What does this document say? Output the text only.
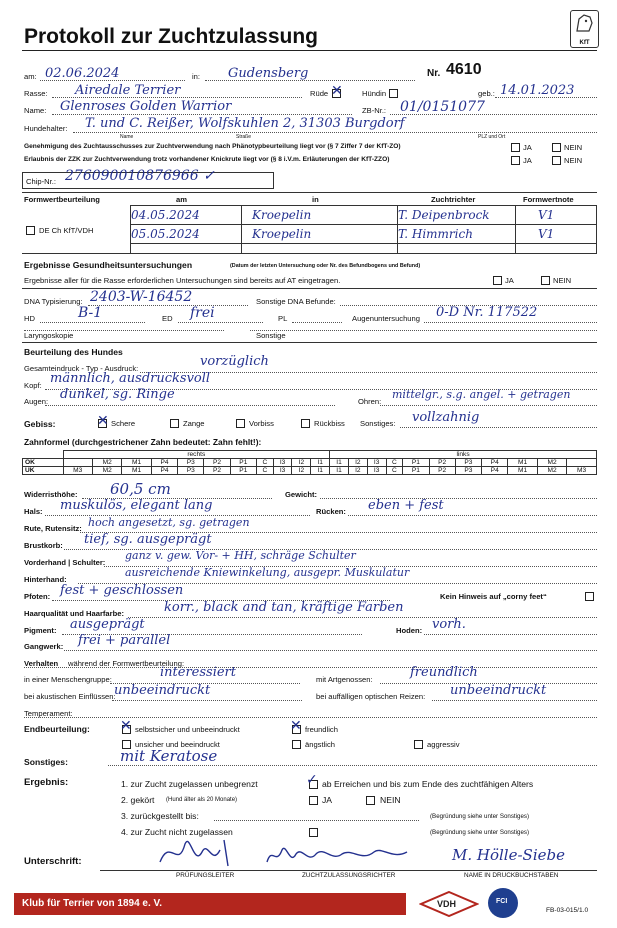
Protokoll zur Zuchtzulassung	KfT
Nr. 4610
am: 02.06.2024	in: Gudensberg
Rasse: Airedale Terrier	Rüde ✕	Hündin	geb.: 14.01.2023
Name: Glenroses Golden Warrior	ZB-Nr.: 01/0151077
Hundehalter: T. und C. Reißer, Wolfskuhlen 2, 31303 Burgdorf
Name	Straße	PLZ und Ort
Genehmigung des Zuchtausschusses zur Zuchtverwendung nach Phänotypbeurteilung liegt vor (§ 7 Ziffer 7 der KfT-ZO)	JA	NEIN
Erlaubnis der ZZK zur Zuchtverwendung trotz vorhandener Knickrute liegt vor (§ 8 i.V.m. Erläuterungen der KfT-ZZO)	JA	NEIN
Chip-Nr.: 276090010876966 ✓
Formwertbeurteilung	am	in	Zuchtrichter	Formwertnote
04.05.2024	Kroepelin	T. Deipenbrock	V1
05.05.2024	Kroepelin	T. Himmrich	V1

DE Ch KfT/VDH
Ergebnisse Gesundheitsuntersuchungen	(Datum der letzten Untersuchung oder Nr. des Befundbogens und Befund)
Ergebnisse aller für die Rasse erforderlichen Untersuchungen sind bereits auf AT eingetragen.	JA	NEIN
DNA Typisierung: 2403-W-16452	Sonstige DNA Befunde:
HD	B-1	ED frei	PL	Augenuntersuchung 0-D Nr. 117522
Laryngoskopie	Sonstige
Beurteilung des Hundes
Gesamteindruck - Typ - Ausdruck:	vorzüglich
Kopf: männlich, ausdrucksvoll
Augen: dunkel, sg. Ringe	Ohren:
mittelgr., s.g. angel. + getragen
Gebiss:	✕ Schere	Zange	Vorbiss	Rückbiss Sonstiges: vollzahnig
Zahnformel (durchgestrichener Zahn bedeutet: Zahn fehlt!):
	rechts											links										
OK		M2	M1	P4	P3	P2	P1	C	I3	I2	I1	I1	I2	I3	C	P1	P2	P3	P4	M1	M2	
UK	M3	M2	M1	P4	P3	P2	P1	C	I3	I2	I1	I1	I2	I3	C	P1	P2	P3	P4	M1	M2	M3
Widerristhöhe: 60,5 cm	Gewicht:
Hals: muskulös, elegant lang	Rücken: eben + fest
Rute, Rutensitz: hoch angesetzt, sg. getragen
Brustkorb: tief, sg. ausgeprägt
Vorderhand | Schulter:
ganz v. gew. Vor- + HH, schräge Schulter
Hinterhand:
ausreichende Kniewinkelung, ausgepr. Muskulatur
Pfoten: fest + geschlossen	Kein Hinweis auf „corny feet“
Haarqualität und Haarfarbe:	korr., black and tan, kräftige Farben
Pigment: ausgeprägt	Hoden: vorh.
Gangwerk: frei + parallel
Verhalten während der Formwertbeurteilung:
in einer Menschengruppe:	interessiert	mit Artgenossen:	freundlich
bei akustischen Einflüssen:
unbeeindruckt	bei auffälligen optischen Reizen: unbeeindruckt
Temperament:
Endbeurteilung: ✕ selbstsicher und unbeeindruckt	✕ freundlich
unsicher und beeindruckt	ängstlich	aggressiv
Sonstiges:	mit Keratose
Ergebnis:	1. zur Zucht zugelassen unbegrenzt	✓ ab Erreichen und bis zum Ende des zuchtfähigen Alters
2. gekört (Hund älter als 20 Monate)	JA	NEIN
3. zurückgestellt bis:	(Begründung siehe unter Sonstiges)
4. zur Zucht nicht zugelassen	(Begründung siehe unter Sonstiges)
Unterschrift:	M. Hölle-Siebe
PRÜFUNGSLEITER	ZUCHTZULASSUNGSRICHTER	NAME IN DRUCKBUCHSTABEN
Klub für Terrier von 1894 e. V.	VDH	FCI
FB-03-015/1.0
